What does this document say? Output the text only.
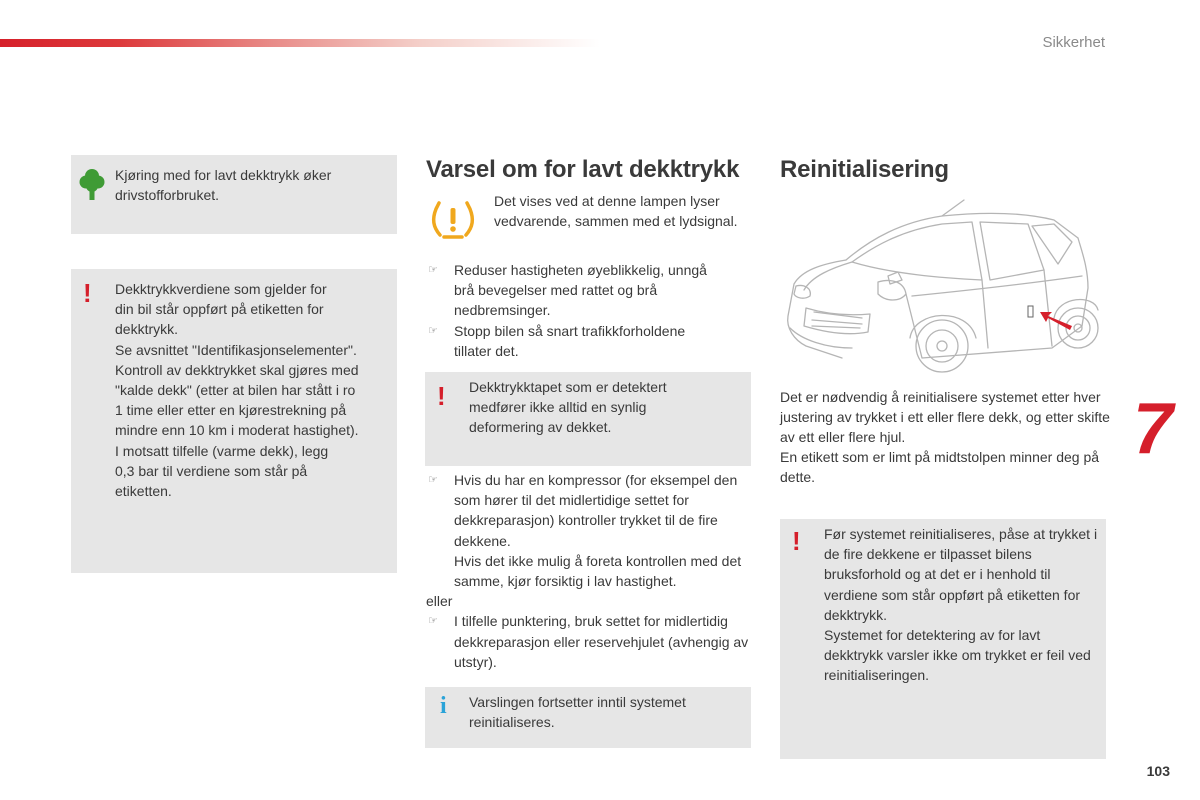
Sikkerhet
Kjøring med for lavt dekktrykk øker drivstofforbruket.
! Dekktrykkverdiene som gjelder for
din bil står oppført på etiketten for
dekktrykk.
Se avsnittet "Identifikasjonselementer".
Kontroll av dekktrykket skal gjøres med
"kalde dekk" (etter at bilen har stått i ro
1 time eller etter en kjørestrekning på
mindre enn 10 km i moderat hastighet).
I motsatt tilfelle (varme dekk), legg
0,3 bar til verdiene som står på
etiketten.
Varsel om for lavt dekktrykk
Det vises ved at denne lampen lyser vedvarende, sammen med et lydsignal.
☞ Reduser hastigheten øyeblikkelig, unngå brå bevegelser med rattet og brå nedbremsinger.
☞ Stopp bilen så snart trafikkforholdene tillater det.
! Dekktrykktapet som er detektert medfører ikke alltid en synlig deformering av dekket.
☞ Hvis du har en kompressor (for eksempel den som hører til det midlertidige settet for dekkreparasjon) kontroller trykket til de fire dekkene.
Hvis det ikke mulig å foreta kontrollen med det samme, kjør forsiktig i lav hastighet.
eller
☞ I tilfelle punktering, bruk settet for midlertidig dekkreparasjon eller reservehjulet (avhengig av utstyr).
i Varslingen fortsetter inntil systemet reinitialiseres.
Reinitialisering
Det er nødvendig å reinitialisere systemet etter hver justering av trykket i ett eller flere dekk, og etter skifte av ett eller flere hjul.
En etikett som er limt på midtstolpen minner deg på dette.
! Før systemet reinitialiseres, påse at trykket i de fire dekkene er tilpasset bilens bruksforhold og at det er i henhold til verdiene som står oppført på etiketten for dekktrykk.
Systemet for detektering av for lavt dekktrykk varsler ikke om trykket er feil ved reinitialiseringen.
7
103
